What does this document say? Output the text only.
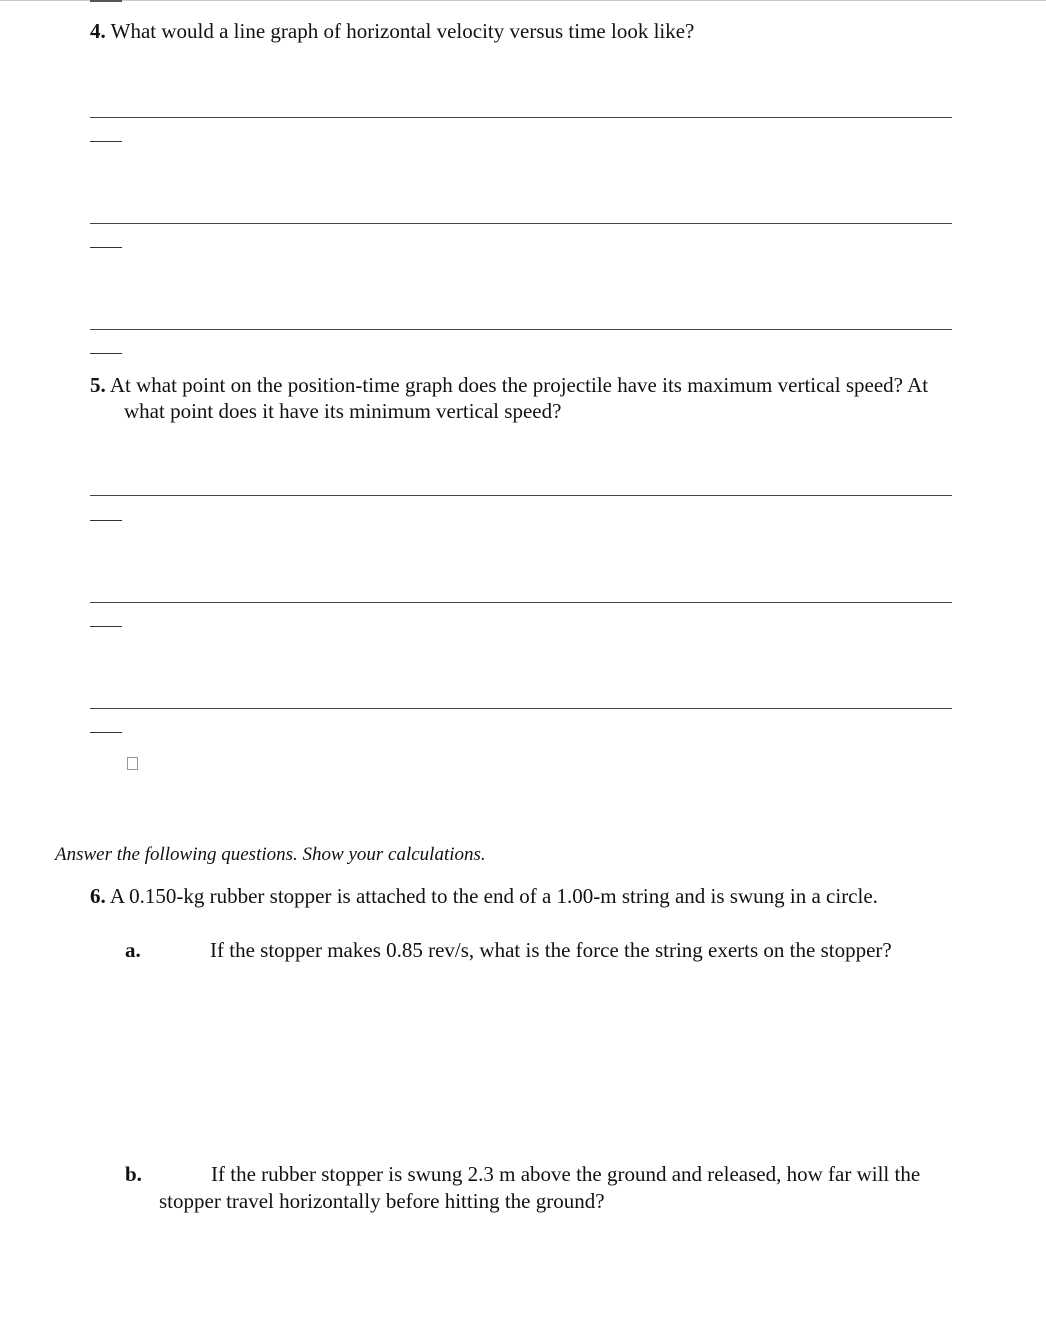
4. What would a line graph of horizontal velocity versus time look like?
5. At what point on the position-time graph does the projectile have its maximum vertical speed? At
what point does it have its minimum vertical speed?
Answer the following questions. Show your calculations.
6. A 0.150-kg rubber stopper is attached to the end of a 1.00-m string and is swung in a circle.
a.	If the stopper makes 0.85 rev/s, what is the force the string exerts on the stopper?
b.	If the rubber stopper is swung 2.3 m above the ground and released, how far will the
stopper travel horizontally before hitting the ground?
